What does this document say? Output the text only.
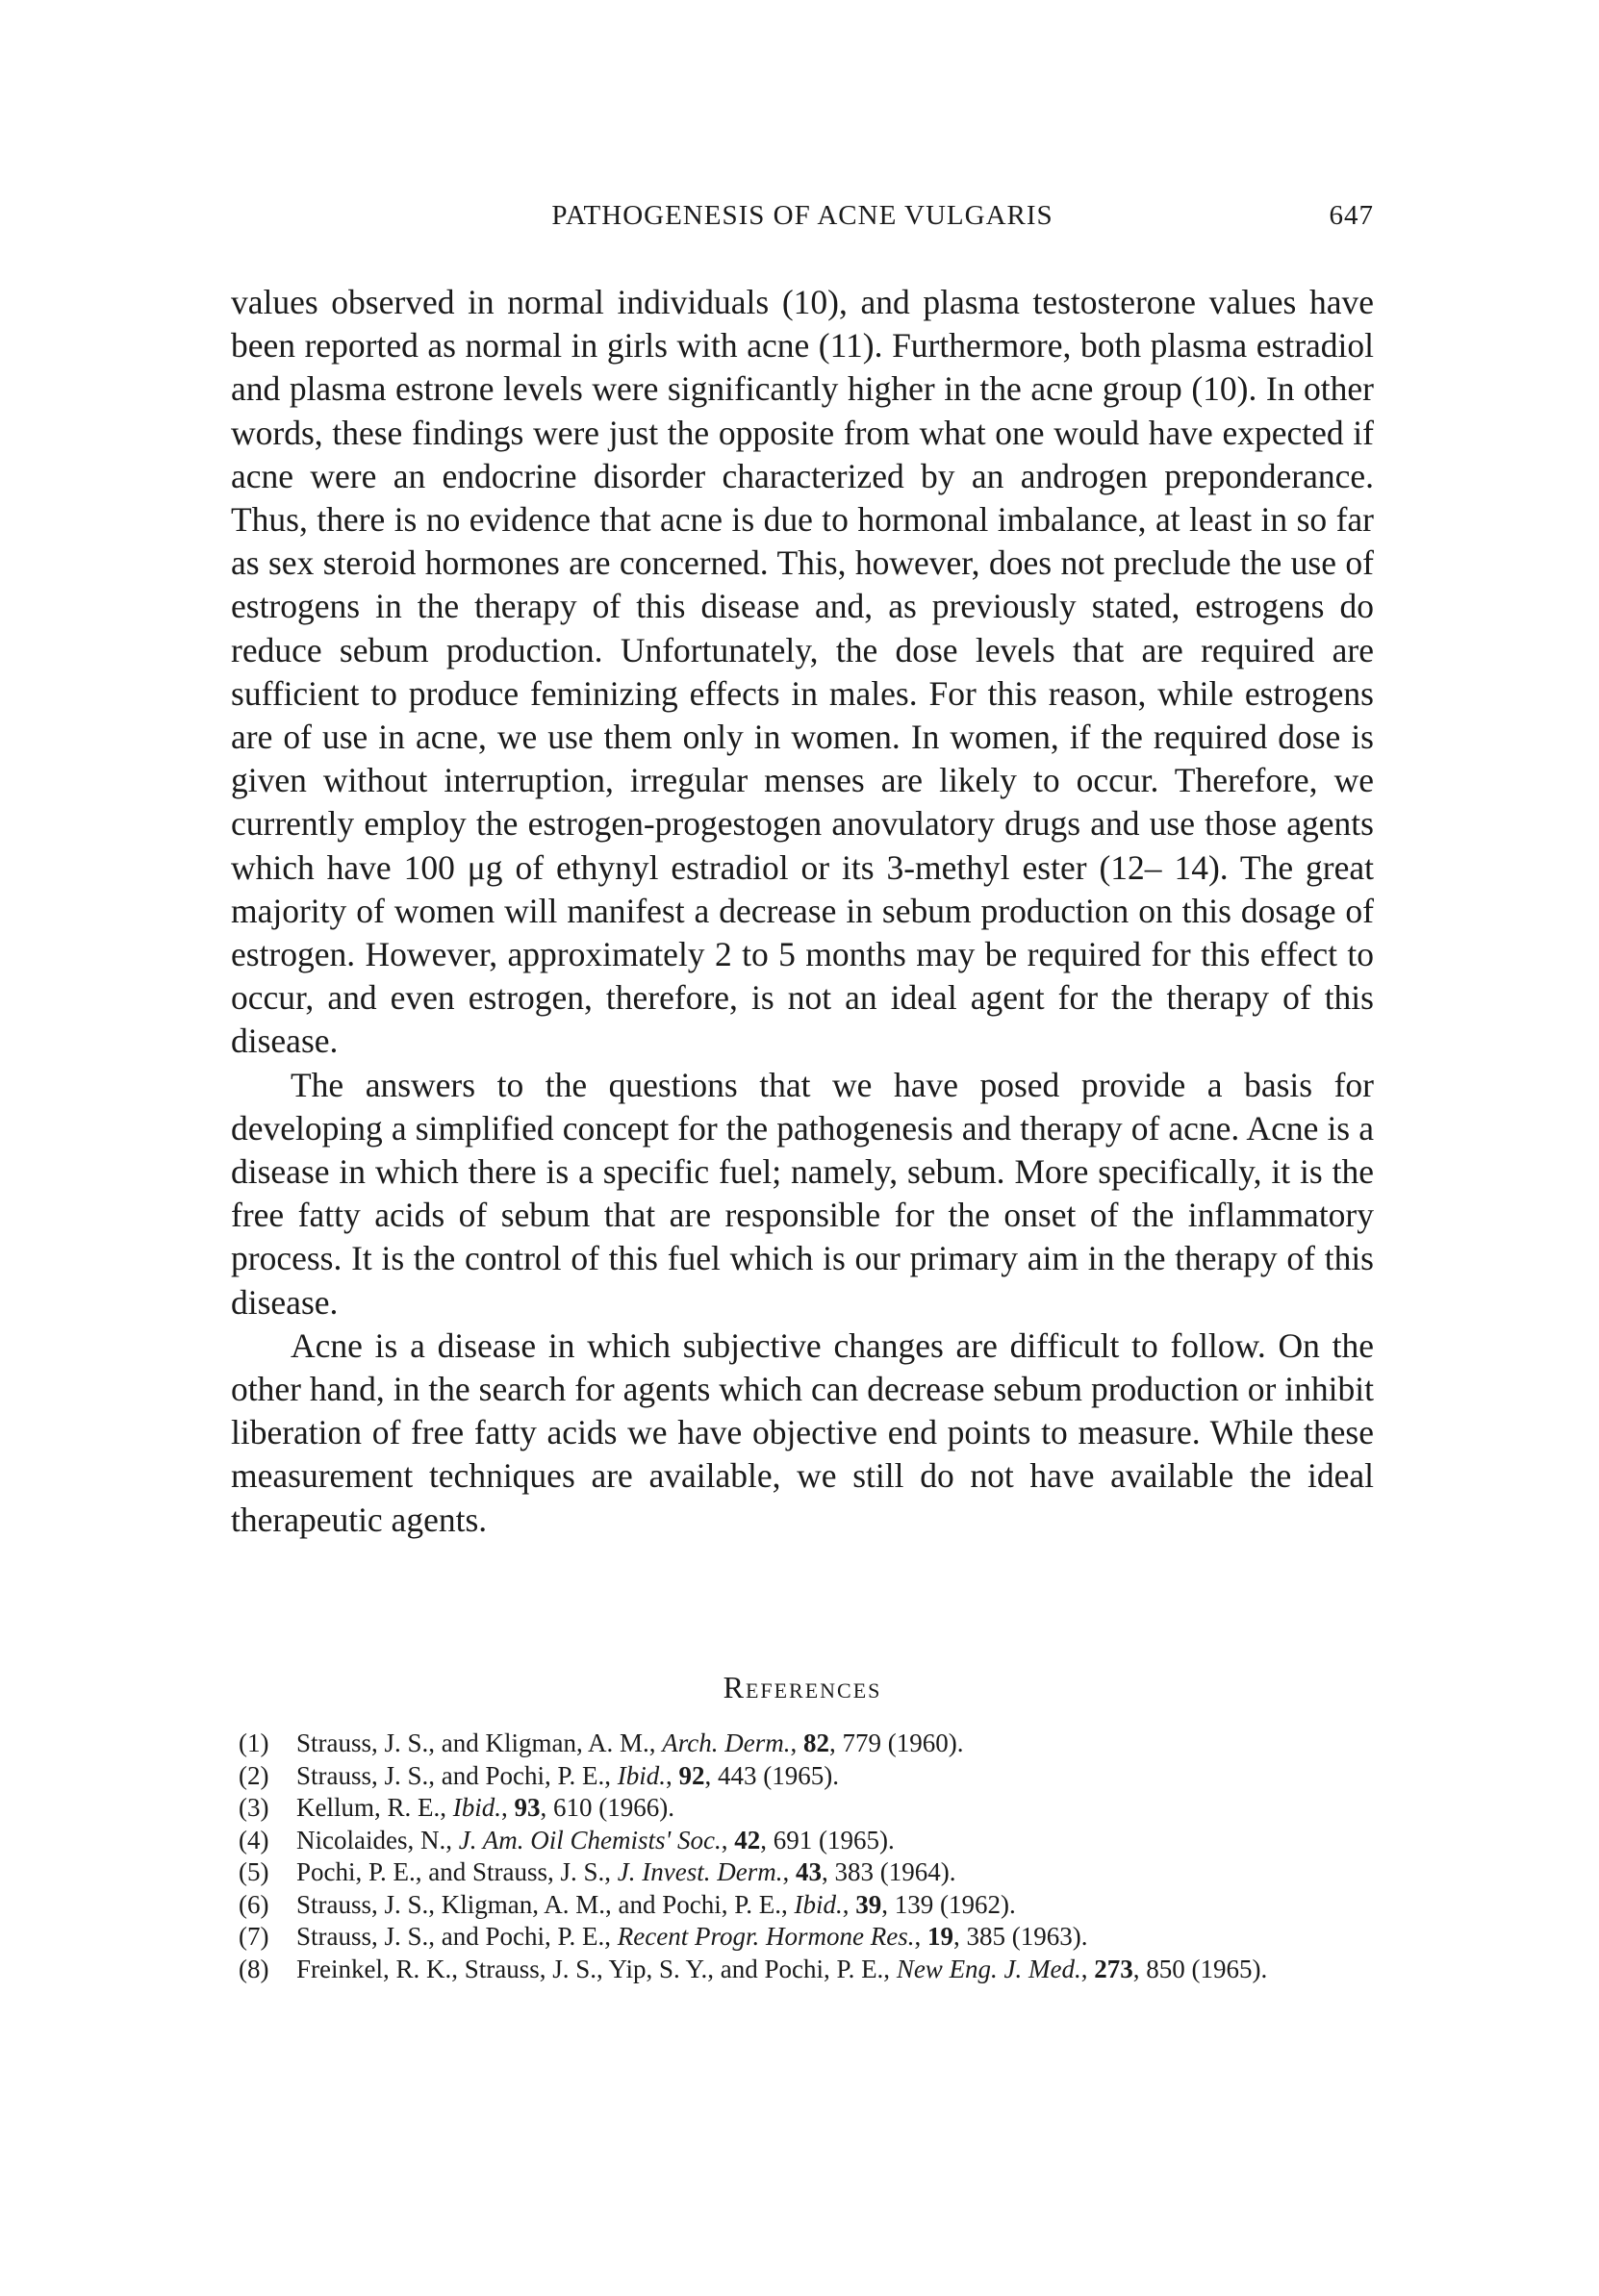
PATHOGENESIS OF ACNE VULGARIS	647

values observed in normal individuals (10), and plasma testosterone values have been reported as normal in girls with acne (11). Furthermore, both plasma estradiol and plasma estrone levels were significantly higher in the acne group (10). In other words, these findings were just the opposite from what one would have expected if acne were an endocrine disorder characterized by an androgen preponderance. Thus, there is no evidence that acne is due to hormonal imbalance, at least in so far as sex steroid hormones are concerned. This, however, does not preclude the use of estrogens in the therapy of this disease and, as previously stated, estrogens do reduce sebum production. Unfortunately, the dose levels that are required are sufficient to produce feminizing effects in males. For this reason, while estrogens are of use in acne, we use them only in women. In women, if the required dose is given without interruption, irregular menses are likely to occur. Therefore, we currently employ the estrogen-progestogen anovulatory drugs and use those agents which have 100 μg of ethynyl estradiol or its 3-methyl ester (12– 14). The great majority of women will manifest a decrease in sebum production on this dosage of estrogen. However, approximately 2 to 5 months may be required for this effect to occur, and even estrogen, therefore, is not an ideal agent for the therapy of this disease.

The answers to the questions that we have posed provide a basis for developing a simplified concept for the pathogenesis and therapy of acne. Acne is a disease in which there is a specific fuel; namely, sebum. More specifically, it is the free fatty acids of sebum that are responsible for the onset of the inflammatory process. It is the control of this fuel which is our primary aim in the therapy of this disease.

Acne is a disease in which subjective changes are difficult to follow. On the other hand, in the search for agents which can decrease sebum production or inhibit liberation of free fatty acids we have objective end points to measure. While these measurement techniques are available, we still do not have available the ideal therapeutic agents.

References
(1)	Strauss, J. S., and Kligman, A. M., Arch. Derm., 82, 779 (1960).
(2)	Strauss, J. S., and Pochi, P. E., Ibid., 92, 443 (1965).
(3)	Kellum, R. E., Ibid., 93, 610 (1966).
(4)	Nicolaides, N., J. Am. Oil Chemists' Soc., 42, 691 (1965).
(5)	Pochi, P. E., and Strauss, J. S., J. Invest. Derm., 43, 383 (1964).
(6)	Strauss, J. S., Kligman, A. M., and Pochi, P. E., Ibid., 39, 139 (1962).
(7)	Strauss, J. S., and Pochi, P. E., Recent Progr. Hormone Res., 19, 385 (1963).
(8)	Freinkel, R. K., Strauss, J. S., Yip, S. Y., and Pochi, P. E., New Eng. J. Med., 273, 850 (1965).
